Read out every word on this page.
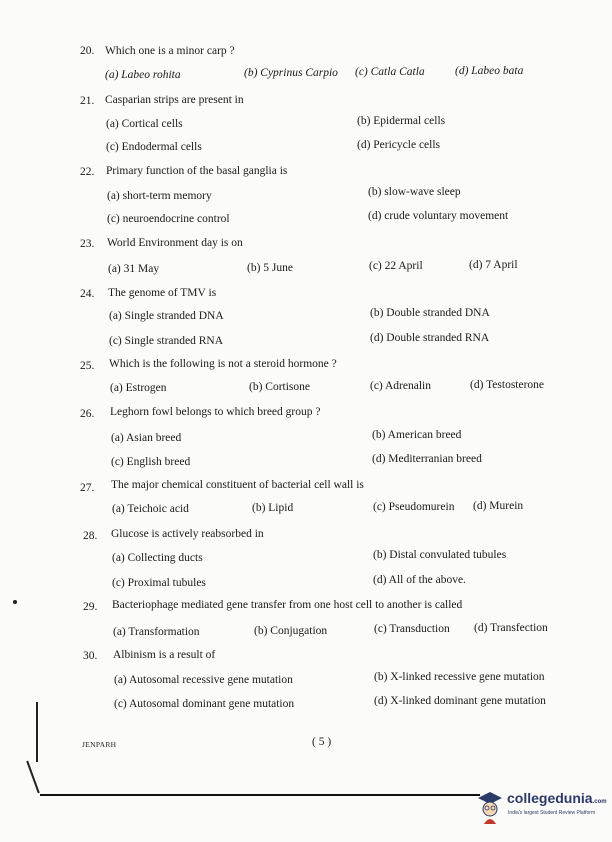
20. Which one is a minor carp ?
(a) Labeo rohita	(b) Cyprinus Carpio (c) Catla Catla	(d) Labeo bata
21. Casparian strips are present in
(a) Cortical cells	(b) Epidermal cells
(c) Endodermal cells	(d) Pericycle cells
22. Primary function of the basal ganglia is
(a) short-term memory	(b) slow-wave sleep
(c) neuroendocrine control	(d) crude voluntary movement
23. World Environment day is on
(a) 31 May	(b) 5 June	(c) 22 April	(d) 7 April
24. The genome of TMV is
(a) Single stranded DNA	(b) Double stranded DNA
(c) Single stranded RNA	(d) Double stranded RNA
25. Which is the following is not a steroid hormone ?
(a) Estrogen	(b) Cortisone	(c) Adrenalin	(d) Testosterone
26. Leghorn fowl belongs to which breed group ?
(a) Asian breed	(b) American breed
(c) English breed	(d) Mediterranian breed
27. The major chemical constituent of bacterial cell wall is
(a) Teichoic acid	(b) Lipid	(c) Pseudomurein (d) Murein
28. Glucose is actively reabsorbed in
(a) Collecting ducts	(b) Distal convulated tubules
(c) Proximal tubules	(d) All of the above.
29. Bacteriophage mediated gene transfer from one host cell to another is called
(a) Transformation	(b) Conjugation	(c) Transduction (d) Transfection
30. Albinism is a result of
(a) Autosomal recessive gene mutation	(b) X-linked recessive gene mutation
(c) Autosomal dominant gene mutation	(d) X-linked dominant gene mutation
JENPARH	( 5 )
collegedunia.com
India's largest Student Review Platform
